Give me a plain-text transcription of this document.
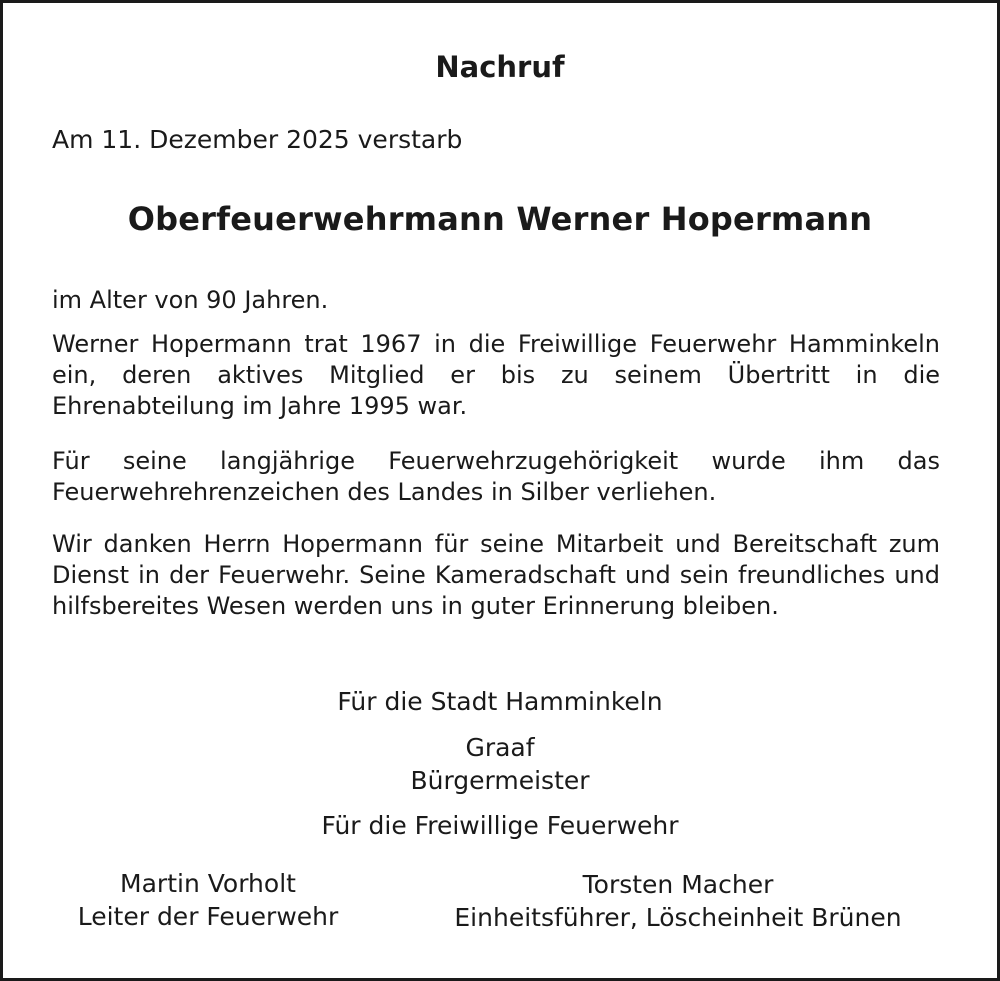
Nachruf
Am 11. Dezember 2025 verstarb
Oberfeuerwehrmann Werner Hopermann
im Alter von 90 Jahren.
Werner Hopermann trat 1967 in die Freiwillige Feuerwehr Hamminkeln ein, deren aktives Mitglied er bis zu seinem Übertritt in die Ehrenabteilung im Jahre 1995 war.
Für seine langjährige Feuerwehrzugehörigkeit wurde ihm das Feuerwehrehrenzeichen des Landes in Silber verliehen.
Wir danken Herrn Hopermann für seine Mitarbeit und Bereitschaft zum Dienst in der Feuerwehr. Seine Kameradschaft und sein freundliches und hilfsbereites Wesen werden uns in guter Erinnerung bleiben.
Für die Stadt Hamminkeln
Graaf
Bürgermeister
Für die Freiwillige Feuerwehr
Martin Vorholt
Leiter der Feuerwehr
Torsten Macher
Einheitsführer, Löscheinheit Brünen
